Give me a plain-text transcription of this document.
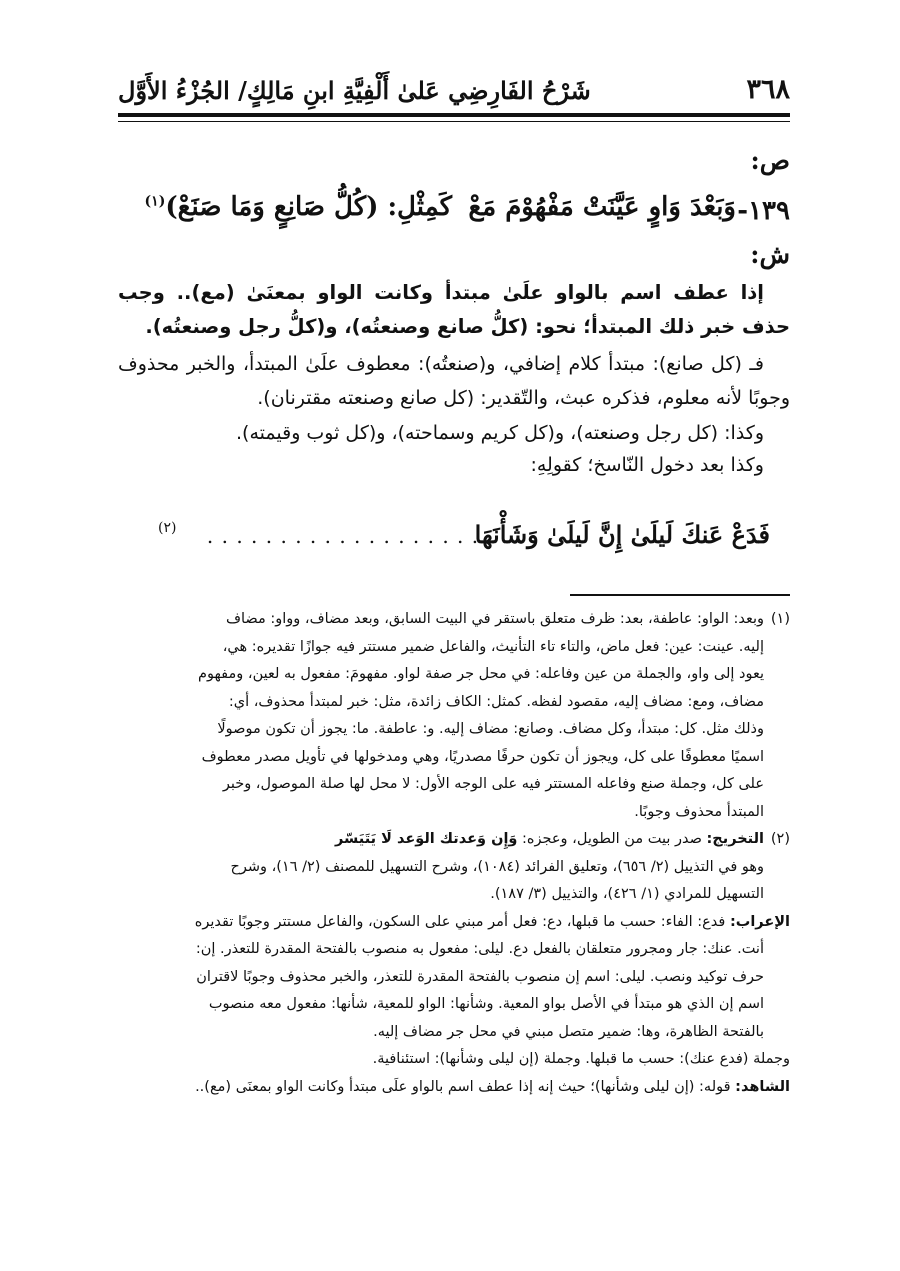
٣٦٨
شَرْحُ الفَارِضِي عَلىٰ أَلْفِيَّةِ ابنِ مَالِكٍ/ الجُزْءُ الأَوَّل
ص:
١٣٩-
وَبَعْدَ وَاوٍ عَيَّنَتْ مَفْهُوْمَ مَعْ
كَمِثْلِ: (كُلُّ صَانِعٍ وَمَا صَنَعْ)$^{(١)}$
ش:
إذا عطف اسم بالواو علَىٰ مبتدأ وكانت الواو بمعنَىٰ (مع).. وجب حذف خبر ذلك المبتدأ؛ نحو: (كلُّ صانع وصنعتُه)، و(كلُّ رجل وصنعتُه).
فـ (كل صانع): مبتدأ كلام إضافي، و(صنعتُه): معطوف علَىٰ المبتدأ، والخبر محذوف وجوبًا لأنه معلوم، فذكره عبث، والتّقدير: (كل صانع وصنعته مقترنان).
وكذا: (كل رجل وصنعته)، و(كل كريم وسماحته)، و(كل ثوب وقيمته).
وكذا بعد دخول النّاسخ؛ كقولِهِ:
فَدَعْ عَنكَ لَيلَىٰ إِنَّ لَيلَىٰ وَشَأْنَهَا
. . . . . . . . . . . . . . . . . . . . . . .
(٢)
(١)وبعد: الواو: عاطفة، بعد: ظرف متعلق باستقر في البيت السابق، وبعد مضاف، وواو: مضاف
إليه. عينت: عين: فعل ماض، والتاء تاء التأنيث، والفاعل ضمير مستتر فيه جوازًا تقديره: هي،
يعود إلى واو، والجملة من عين وفاعله: في محل جر صفة لواو. مفهومَ: مفعول به لعين، ومفهوم
مضاف، ومع: مضاف إليه، مقصود لفظه. كمثل: الكاف زائدة، مثل: خبر لمبتدأ محذوف، أي:
وذلك مثل. كل: مبتدأ، وكل مضاف. وصانع: مضاف إليه. و: عاطفة. ما: يجوز أن تكون موصولًا
اسميًا معطوفًا على كل، ويجوز أن تكون حرفًا مصدريًا، وهي ومدخولها في تأويل مصدر معطوف
على كل، وجملة صنع وفاعله المستتر فيه على الوجه الأول: لا محل لها صلة الموصول، وخبر
المبتدأ محذوف وجوبًا.
(٢)التخريج: صدر بيت من الطويل، وعجزه: وَإِن وَعدتك الوَعد لَا يَتَيَسّر
وهو في التذييل (٢/ ٦٥٦)، وتعليق الفرائد (١٠٨٤)، وشرح التسهيل للمصنف (٢/ ١٦)، وشرح
التسهيل للمرادي (١/ ٤٢٦)، والتذييل (٣/ ١٨٧).
الإعراب: فدع: الفاء: حسب ما قبلها، دع: فعل أمر مبني على السكون، والفاعل مستتر وجوبًا تقديره
أنت. عنك: جار ومجرور متعلقان بالفعل دع. ليلى: مفعول به منصوب بالفتحة المقدرة للتعذر. إن:
حرف توكيد ونصب. ليلى: اسم إن منصوب بالفتحة المقدرة للتعذر، والخبر محذوف وجوبًا لاقتران
اسم إن الذي هو مبتدأ في الأصل بواو المعية. وشأنها: الواو للمعية، شأنها: مفعول معه منصوب
بالفتحة الظاهرة، وها: ضمير متصل مبني في محل جر مضاف إليه.
وجملة (فدع عنك): حسب ما قبلها. وجملة (إن ليلى وشأنها): استئنافية.
الشاهد: قوله: (إن ليلى وشأنها)؛ حيث إنه إذا عطف اسم بالواو علَى مبتدأ وكانت الواو بمعنَى (مع)..
